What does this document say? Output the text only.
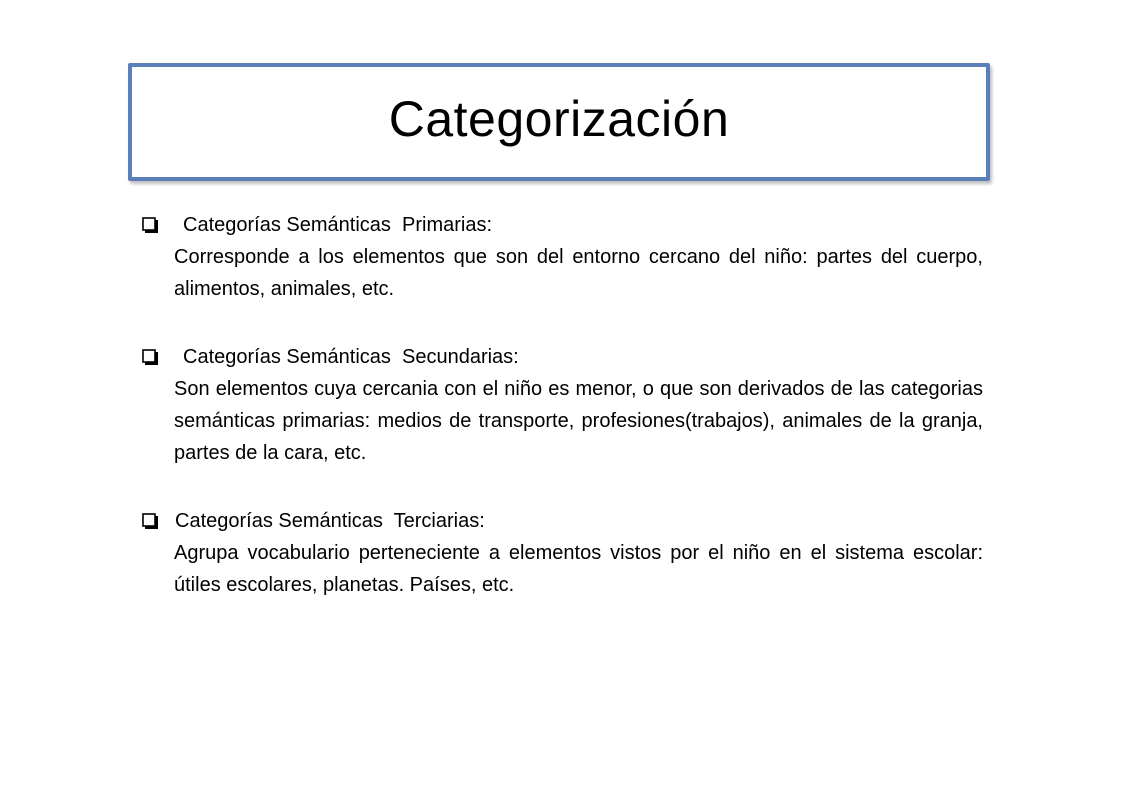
Categorización
Categorías Semánticas  Primarias:
Corresponde a los elementos que son del entorno cercano del niño: partes del cuerpo, alimentos, animales, etc.
Categorías Semánticas  Secundarias:
Son elementos cuya cercania con el niño es menor, o que son derivados de las categorias semánticas primarias: medios de transporte, profesiones(trabajos), animales de la granja, partes de la cara, etc.
Categorías Semánticas  Terciarias:
Agrupa vocabulario perteneciente a elementos vistos por el niño en el sistema escolar: útiles escolares, planetas. Países, etc.
